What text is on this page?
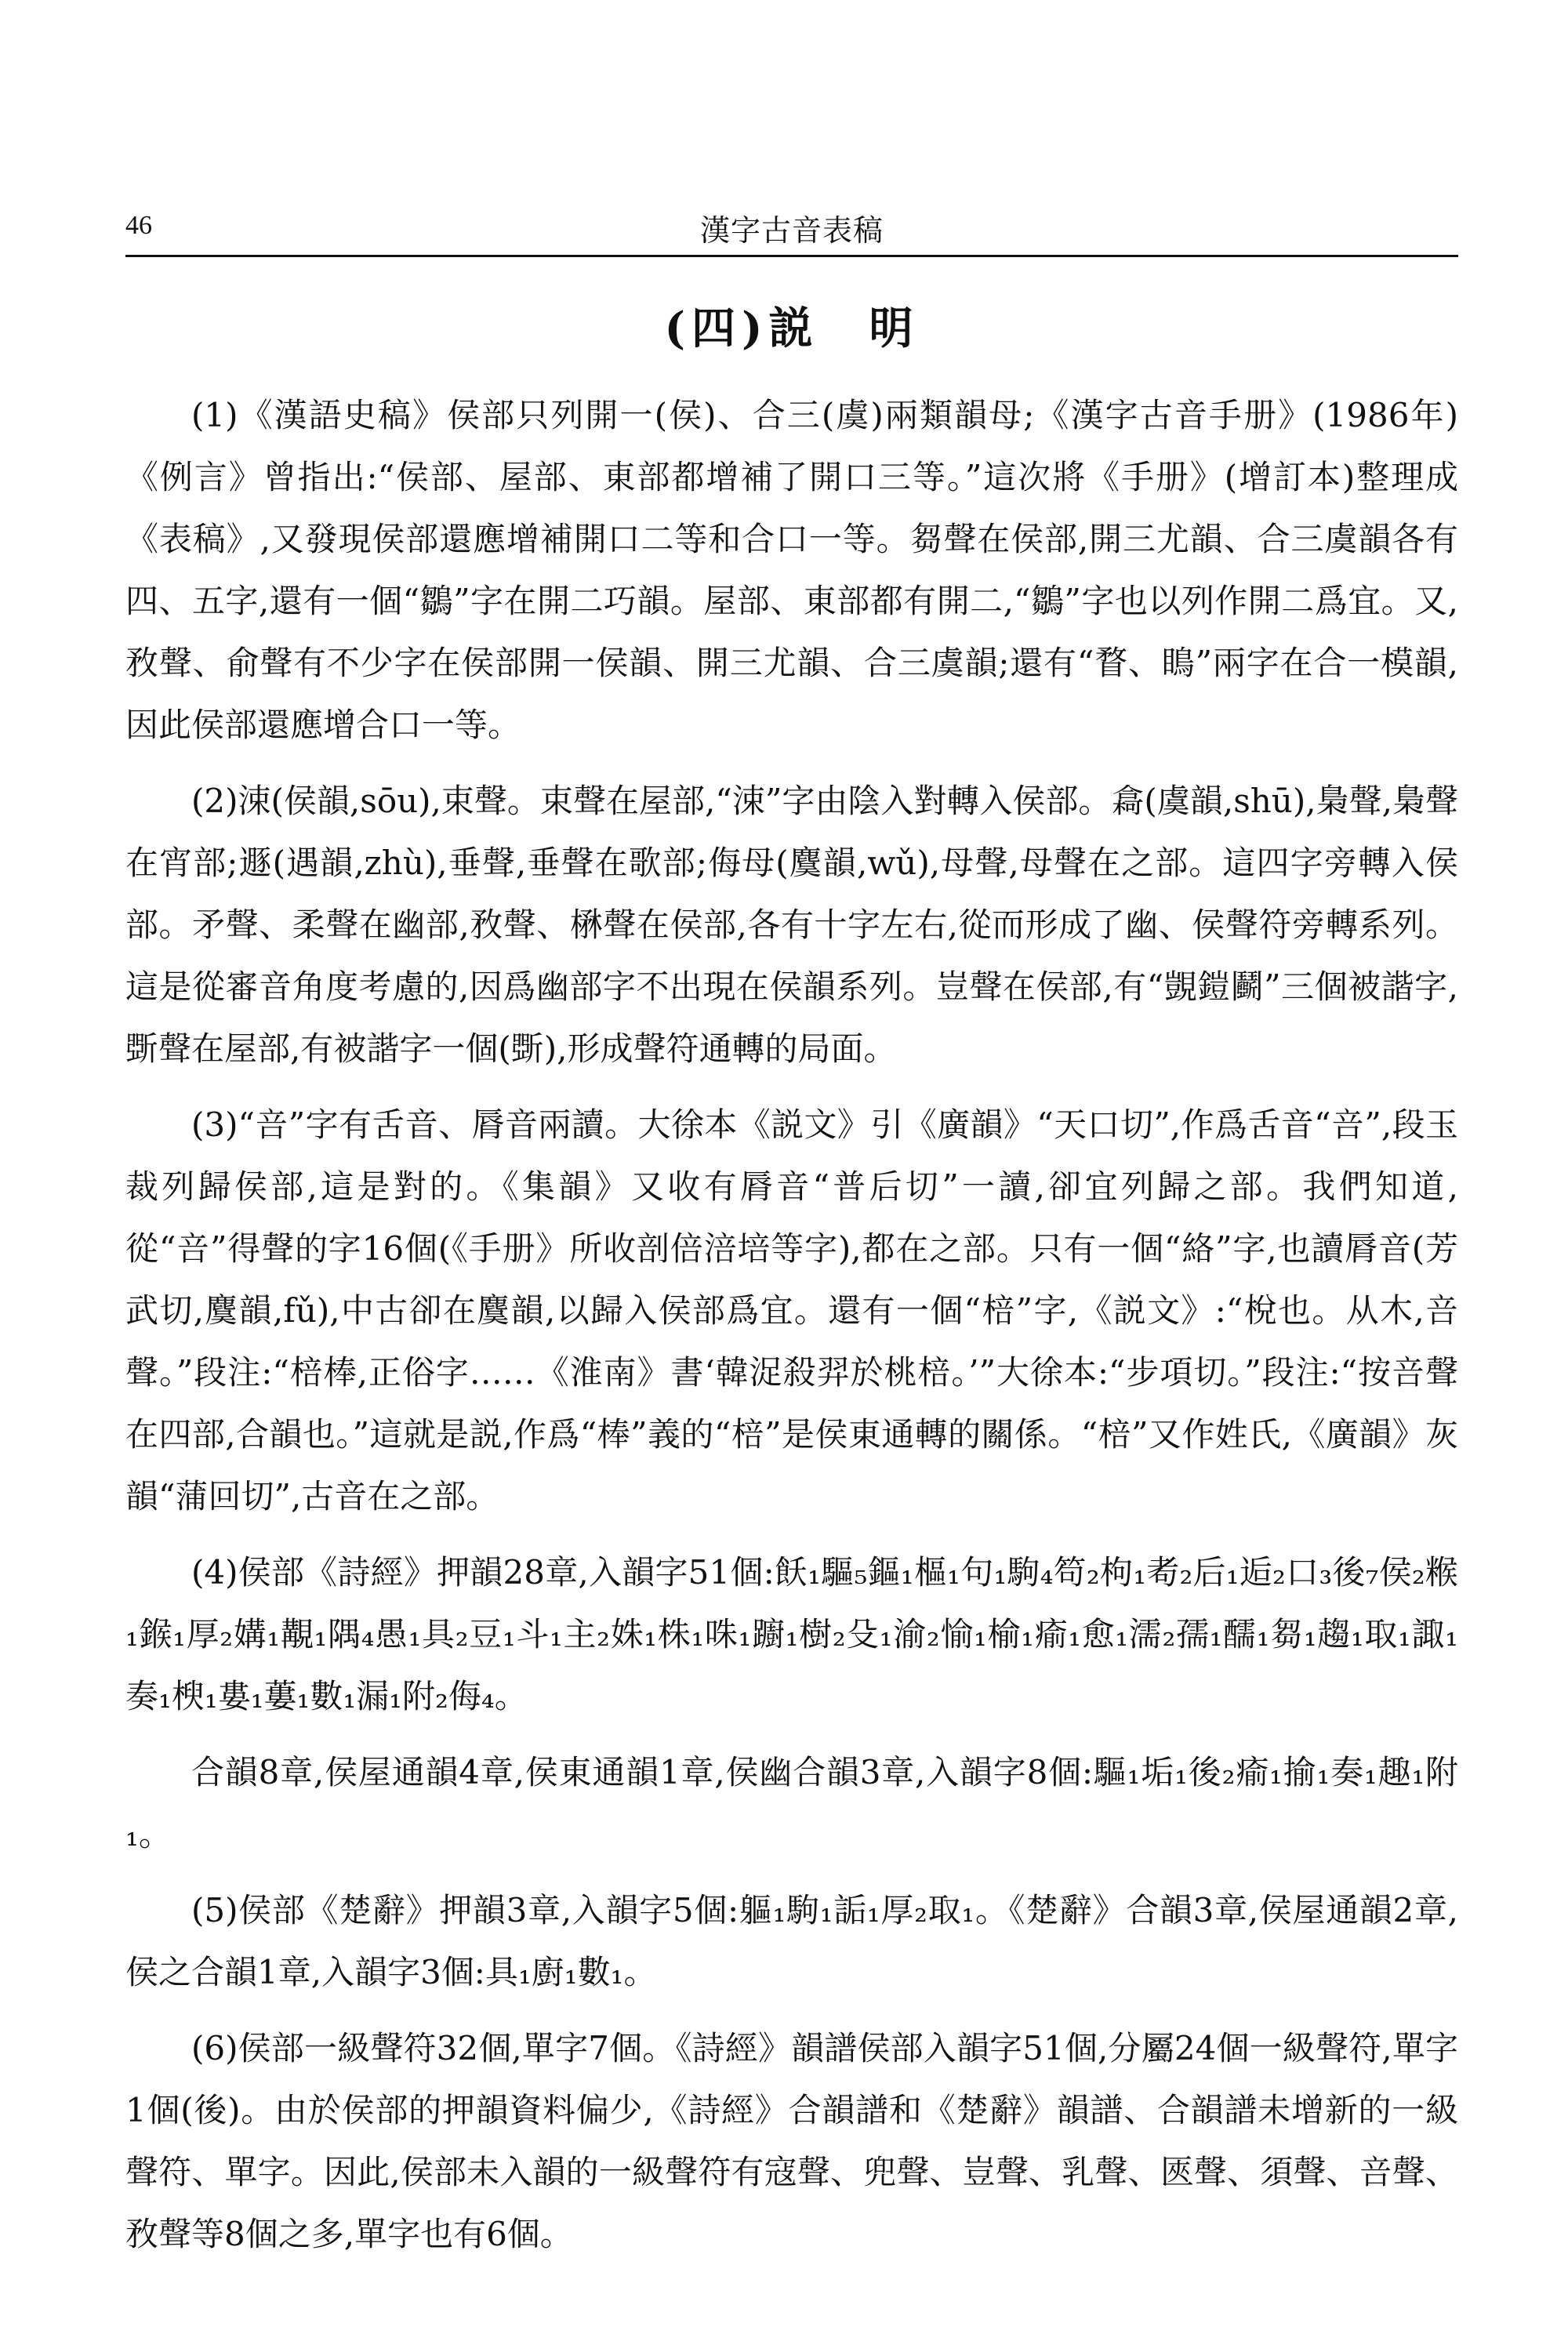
46	漢字古音表稿
(四)説　明

(1)《漢語史稿》侯部只列開一(侯)、合三(虞)兩類韻母;《漢字古音手册》(1986年)《例言》曾指出:“侯部、屋部、東部都增補了開口三等。”這次將《手册》(增訂本)整理成《表稿》,又發現侯部還應增補開口二等和合口一等。芻聲在侯部,開三尤韻、合三虞韻各有四、五字,還有一個“鶵”字在開二巧韻。屋部、東部都有開二,“鶵”字也以列作開二爲宜。又,敄聲、俞聲有不少字在侯部開一侯韻、開三尤韻、合三虞韻;還有“瞀、瞗”兩字在合一模韻,因此侯部還應增合口一等。

(2)涑(侯韻,sōu),束聲。束聲在屋部,“涑”字由陰入對轉入侯部。樖(虞韻,shū),梟聲,梟聲在宵部;遯(遇韻,zhù),垂聲,垂聲在歌部;侮母(麌韻,wǔ),母聲,母聲在之部。這四字旁轉入侯部。矛聲、柔聲在幽部,敄聲、楙聲在侯部,各有十字左右,從而形成了幽、侯聲符旁轉系列。這是從審音角度考慮的,因爲幽部字不出現在侯韻系列。豈聲在侯部,有“覬鎧鬬”三個被諧字,斲聲在屋部,有被諧字一個(斲),形成聲符通轉的局面。

(3)“咅”字有舌音、脣音兩讀。大徐本《説文》引《廣韻》“天口切”,作爲舌音“咅”,段玉裁列歸侯部,這是對的。《集韻》又收有脣音“普后切”一讀,卻宜列歸之部。我們知道,從“咅”得聲的字16個(《手册》所收剖倍涪培等字),都在之部。只有一個“絡”字,也讀脣音(芳武切,麌韻,fǔ),中古卻在麌韻,以歸入侯部爲宜。還有一個“棓”字,《説文》:“梲也。从木,咅聲。”段注:“棓棒,正俗字……《淮南》書‘韓浞殺羿於桃棓。’”大徐本:“步項切。”段注:“按咅聲在四部,合韻也。”這就是説,作爲“棒”義的“棓”是侯東通轉的關係。“棓”又作姓氏,《廣韻》灰韻“蒲回切”,古音在之部。

(4)侯部《詩經》押韻28章,入韻字51個:飫₁驅₅鏂₁樞₁句₁駒₄笱₂枸₁耇₂后₁逅₂口₃後₇侯₂糇₁鍭₁厚₂媾₁覯₁隅₄愚₁具₂豆₁斗₁主₂姝₁株₁咮₁躕₁樹₂殳₁渝₂愉₁榆₁瘉₁愈₁濡₂孺₁醹₁芻₁趨₁取₁諏₁奏₁楰₁婁₁蔞₁數₁漏₁附₂侮₄。

合韻8章,侯屋通韻4章,侯東通韻1章,侯幽合韻3章,入韻字8個:驅₁垢₁後₂瘉₁揄₁奏₁趣₁附₁。

(5)侯部《楚辭》押韻3章,入韻字5個:軀₁駒₁詬₁厚₂取₁。《楚辭》合韻3章,侯屋通韻2章,侯之合韻1章,入韻字3個:具₁廚₁數₁。

(6)侯部一級聲符32個,單字7個。《詩經》韻譜侯部入韻字51個,分屬24個一級聲符,單字1個(後)。由於侯部的押韻資料偏少,《詩經》合韻譜和《楚辭》韻譜、合韻譜未增新的一級聲符、單字。因此,侯部未入韻的一級聲符有寇聲、兜聲、豈聲、乳聲、匧聲、須聲、咅聲、敄聲等8個之多,單字也有6個。
